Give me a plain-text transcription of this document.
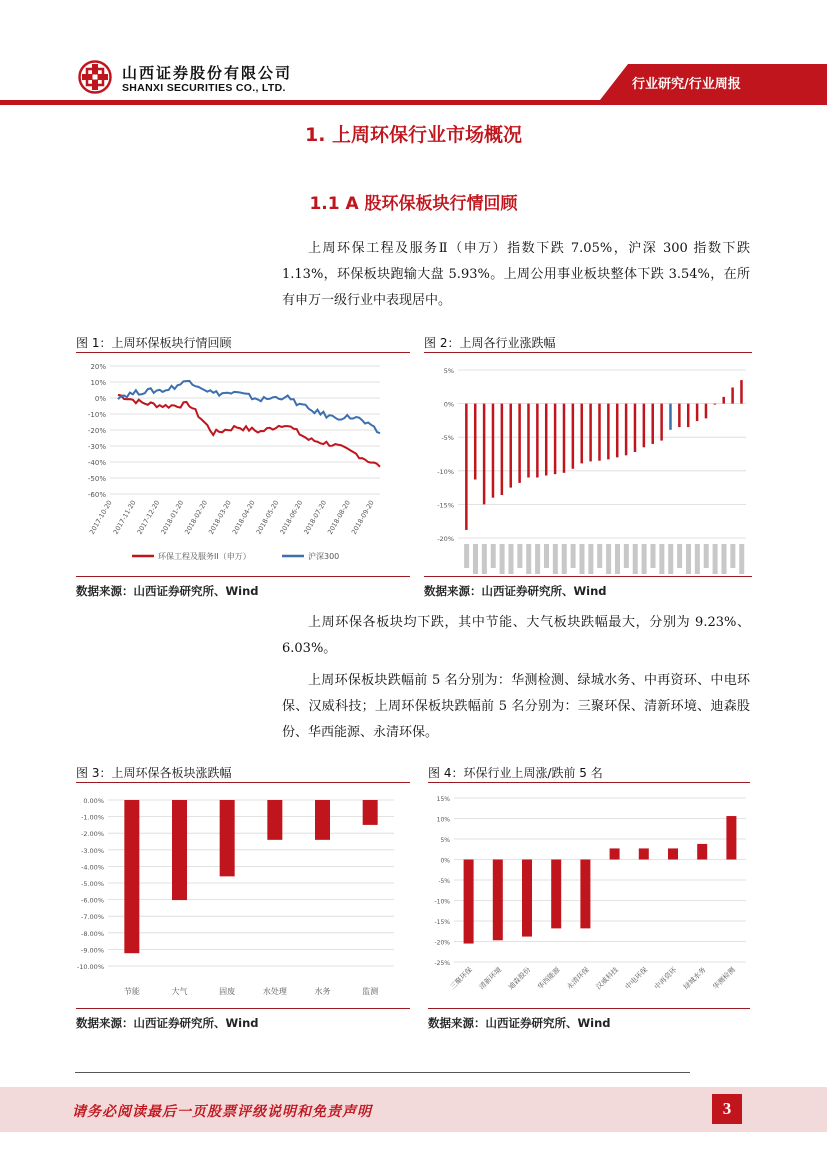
山西证券股份有限公司
SHANXI SECURITIES CO., LTD.	行业研究/行业周报
1. 上周环保行业市场概况
1.1 A 股环保板块行情回顾
上周环保工程及服务Ⅱ（申万）指数下跌 7.05%，沪深 300 指数下跌 1.13%，环保板块跑输大盘 5.93%。上周公用事业板块整体下跌 3.54%，在所有申万一级行业中表现居中。
图 1：上周环保板块行情回顾
20%
10%
0%
-10%
-20%
-30%
-40%
-50%
-60%
2017-10-20
2017-11-20
2017-12-20
2018-01-20
2018-02-20
2018-03-20
2018-04-20
2018-05-20
2018-06-20
2018-07-20
2018-08-20
2018-09-20
环保工程及服务II（申万）	沪深300
数据来源：山西证券研究所、Wind
图 2：上周各行业涨跌幅
5%
0%
-5%
-10%
-15%
-20%
数据来源：山西证券研究所、Wind
上周环保各板块均下跌，其中节能、大气板块跌幅最大，分别为 9.23%、6.03%。
上周环保板块跌幅前 5 名分别为：华测检测、绿城水务、中再资环、中电环保、汉威科技；上周环保板块跌幅前 5 名分别为：三聚环保、清新环境、迪森股份、华西能源、永清环保。
图 3：上周环保各板块涨跌幅
0.00%
-1.00%
-2.00%
-3.00%
-4.00%
-5.00%
-6.00%
-7.00%
-8.00%
-9.00%
-10.00%
节能	大气	固废	水处理	水务	监测
数据来源：山西证券研究所、Wind
图 4：环保行业上周涨/跌前 5 名
15%
10%
5%
0%
-5%
-10%
-15%
-20%
-25%
三聚环保 清新环境 迪森股份 华西能源 永清环保 汉威科技 中电环保 中再资环 绿城水务 华测检测
数据来源：山西证券研究所、Wind
请务必阅读最后一页股票评级说明和免责声明	3
